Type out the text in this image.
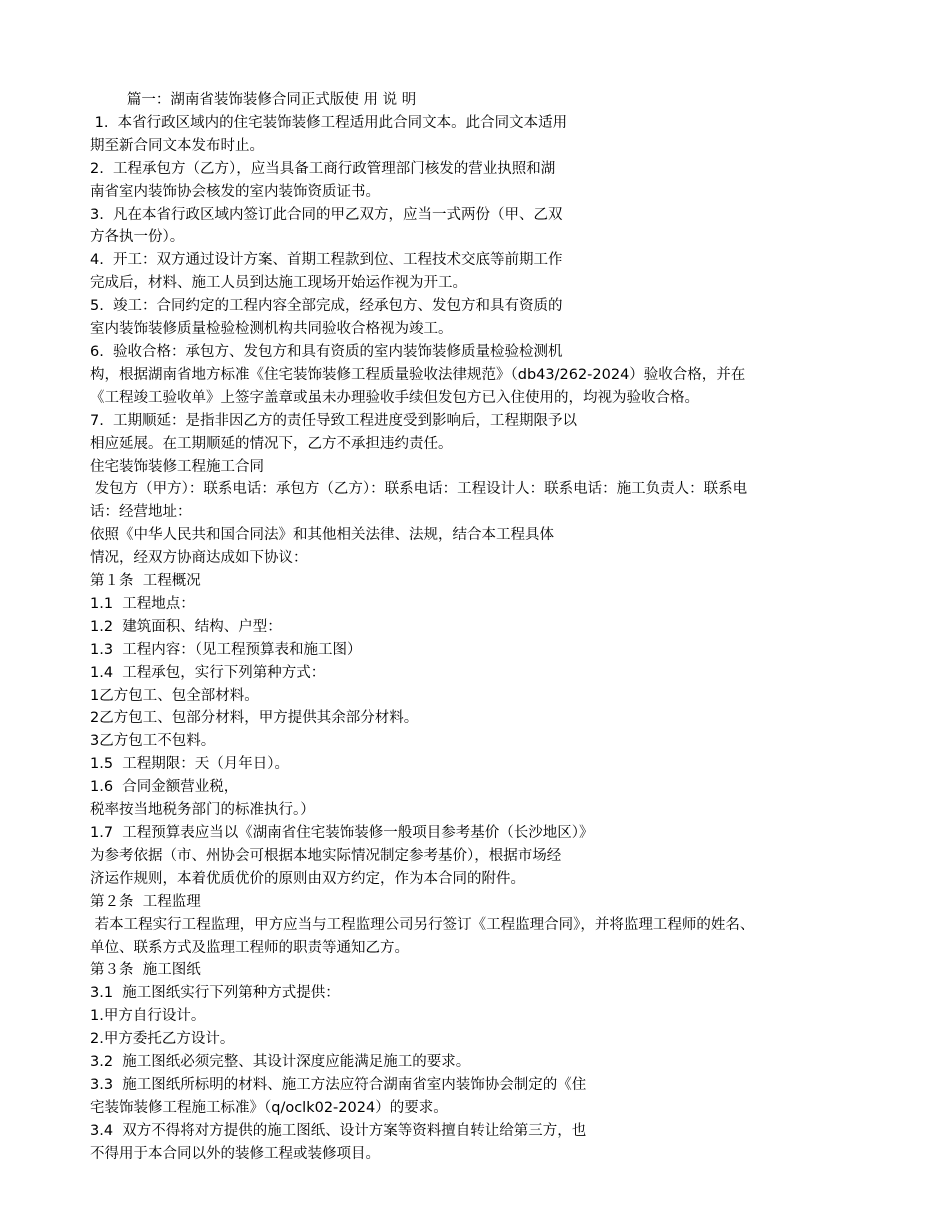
篇一：湖南省装饰装修合同正式版使 用 说 明
1.  本省行政区域内的住宅装饰装修工程适用此合同文本。此合同文本适用
期至新合同文本发布时止。
2.  工程承包方（乙方），应当具备工商行政管理部门核发的营业执照和湖
南省室内装饰协会核发的室内装饰资质证书。
3.  凡在本省行政区域内签订此合同的甲乙双方，应当一式两份（甲、乙双
方各执一份）。
4.  开工：双方通过设计方案、首期工程款到位、工程技术交底等前期工作
完成后，材料、施工人员到达施工现场开始运作视为开工。
5.  竣工：合同约定的工程内容全部完成，经承包方、发包方和具有资质的
室内装饰装修质量检验检测机构共同验收合格视为竣工。
6.  验收合格：承包方、发包方和具有资质的室内装饰装修质量检验检测机
构，根据湖南省地方标准《住宅装饰装修工程质量验收法律规范》（db43/262-2024）验收合格，并在
《工程竣工验收单》上签字盖章或虽未办理验收手续但发包方已入住使用的，均视为验收合格。
7.  工期顺延：是指非因乙方的责任导致工程进度受到影响后，工程期限予以
相应延展。在工期顺延的情况下，乙方不承担违约责任。
住宅装饰装修工程施工合同
发包方（甲方）：联系电话：承包方（乙方）：联系电话：工程设计人：联系电话：施工负责人：联系电
话：经营地址：
依照《中华人民共和国合同法》和其他相关法律、法规，结合本工程具体
情况，经双方协商达成如下协议：
第１条  工程概况
1.1  工程地点：
1.2  建筑面积、结构、户型：
1.3  工程内容：（见工程预算表和施工图）
1.4  工程承包，实行下列第种方式：
1乙方包工、包全部材料。
2乙方包工、包部分材料，甲方提供其余部分材料。
3乙方包工不包料。
1.5  工程期限：天（月年日）。
1.6  合同金额营业税，
税率按当地税务部门的标准执行。）
1.7  工程预算表应当以《湖南省住宅装饰装修一般项目参考基价（长沙地区）》
为参考依据（市、州协会可根据本地实际情况制定参考基价），根据市场经
济运作规则，本着优质优价的原则由双方约定，作为本合同的附件。
第２条  工程监理
若本工程实行工程监理，甲方应当与工程监理公司另行签订《工程监理合同》，并将监理工程师的姓名、
单位、联系方式及监理工程师的职责等通知乙方。
第３条  施工图纸
3.1  施工图纸实行下列第种方式提供：
1.甲方自行设计。
2.甲方委托乙方设计。
3.2  施工图纸必须完整、其设计深度应能满足施工的要求。
3.3  施工图纸所标明的材料、施工方法应符合湖南省室内装饰协会制定的《住
宅装饰装修工程施工标准》（q/oclk02-2024）的要求。
3.4  双方不得将对方提供的施工图纸、设计方案等资料擅自转让给第三方，也
不得用于本合同以外的装修工程或装修项目。
